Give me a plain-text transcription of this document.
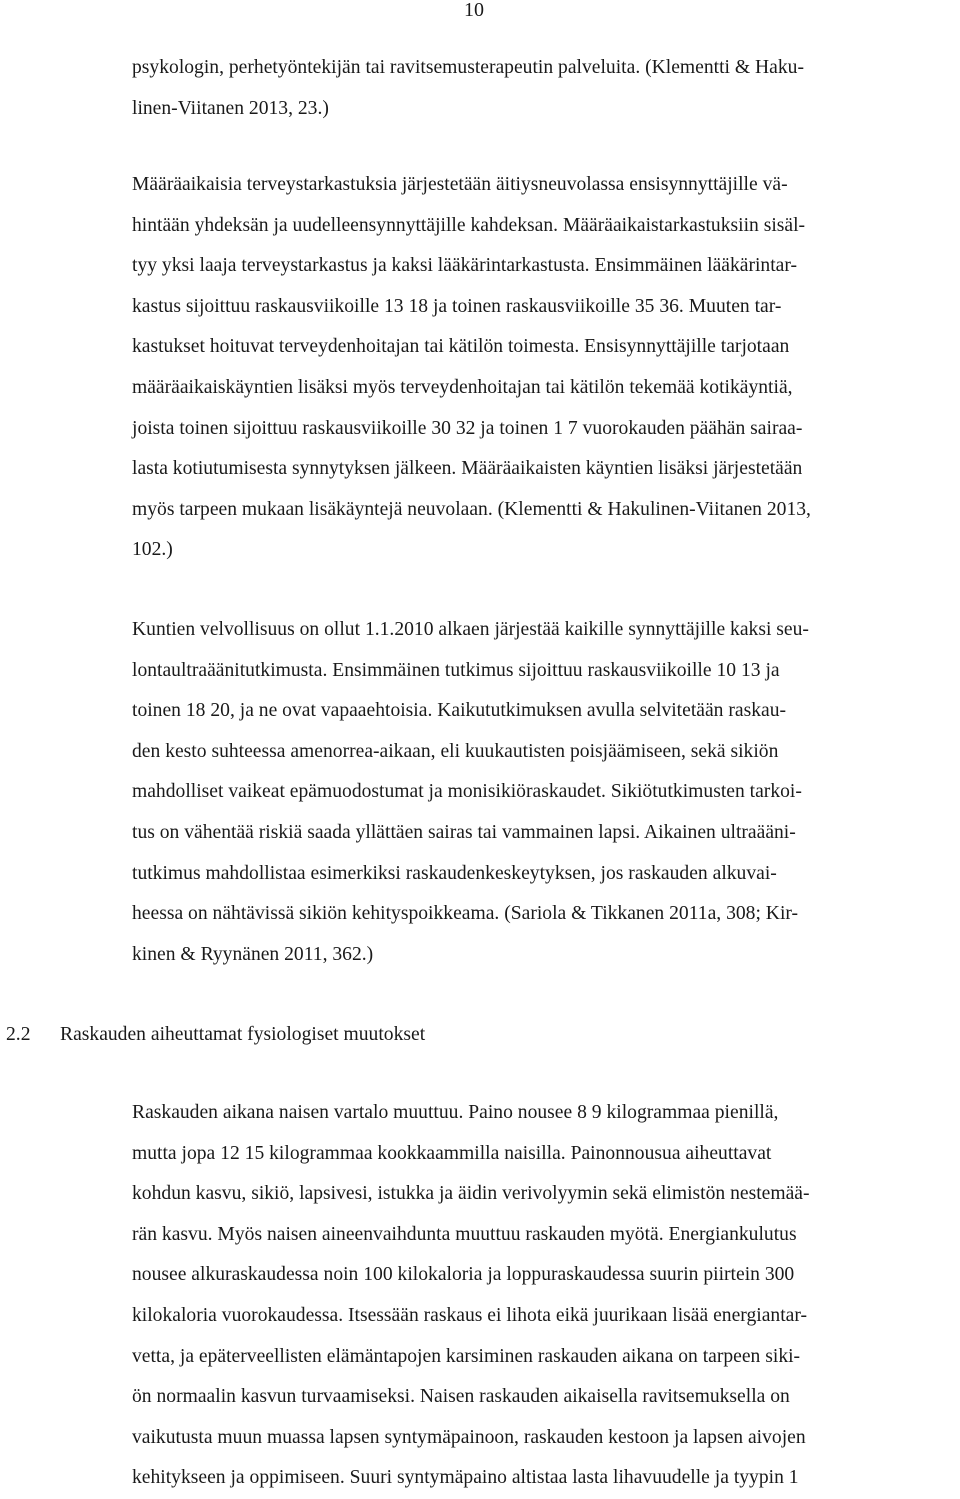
10
psykologin, perhetyöntekijän tai ravitsemusterapeutin palveluita. (Klementti & Haku-
linen-Viitanen 2013, 23.)
Määräaikaisia terveystarkastuksia järjestetään äitiysneuvolassa ensisynnyttäjille vä-
hintään yhdeksän ja uudelleensynnyttäjille kahdeksan. Määräaikaistarkastuksiin sisäl-
tyy yksi laaja terveystarkastus ja kaksi lääkärintarkastusta. Ensimmäinen lääkärintar-
kastus sijoittuu raskausviikoille 13 18 ja toinen raskausviikoille 35 36. Muuten tar-
kastukset hoituvat terveydenhoitajan tai kätilön toimesta. Ensisynnyttäjille tarjotaan
määräaikaiskäyntien lisäksi myös terveydenhoitajan tai kätilön tekemää kotikäyntiä,
joista toinen sijoittuu raskausviikoille 30 32 ja toinen 1 7 vuorokauden päähän sairaa-
lasta kotiutumisesta synnytyksen jälkeen. Määräaikaisten käyntien lisäksi järjestetään
myös tarpeen mukaan lisäkäyntejä neuvolaan. (Klementti & Hakulinen-Viitanen 2013,
102.)
Kuntien velvollisuus on ollut 1.1.2010 alkaen järjestää kaikille synnyttäjille kaksi seu-
lontaultraäänitutkimusta. Ensimmäinen tutkimus sijoittuu raskausviikoille 10 13 ja
toinen 18 20, ja ne ovat vapaaehtoisia. Kaikututkimuksen avulla selvitetään raskau-
den kesto suhteessa amenorrea-aikaan, eli kuukautisten poisjäämiseen, sekä sikiön
mahdolliset vaikeat epämuodostumat ja monisikiöraskaudet. Sikiötutkimusten tarkoi-
tus on vähentää riskiä saada yllättäen sairas tai vammainen lapsi. Aikainen ultraääni-
tutkimus mahdollistaa esimerkiksi raskaudenkeskeytyksen, jos raskauden alkuvai-
heessa on nähtävissä sikiön kehityspoikkeama. (Sariola & Tikkanen 2011a, 308; Kir-
kinen & Ryynänen 2011, 362.)
2.2 Raskauden aiheuttamat fysiologiset muutokset
Raskauden aikana naisen vartalo muuttuu. Paino nousee 8 9 kilogrammaa pienillä,
mutta jopa 12 15 kilogrammaa kookkaammilla naisilla. Painonnousua aiheuttavat
kohdun kasvu, sikiö, lapsivesi, istukka ja äidin verivolyymin sekä elimistön nestemää-
rän kasvu. Myös naisen aineenvaihdunta muuttuu raskauden myötä. Energiankulutus
nousee alkuraskaudessa noin 100 kilokaloria ja loppuraskaudessa suurin piirtein 300
kilokaloria vuorokaudessa. Itsessään raskaus ei lihota eikä juurikaan lisää energiantar-
vetta, ja epäterveellisten elämäntapojen karsiminen raskauden aikana on tarpeen siki-
ön normaalin kasvun turvaamiseksi. Naisen raskauden aikaisella ravitsemuksella on
vaikutusta muun muassa lapsen syntymäpainoon, raskauden kestoon ja lapsen aivojen
kehitykseen ja oppimiseen. Suuri syntymäpaino altistaa lasta lihavuudelle ja tyypin 1
